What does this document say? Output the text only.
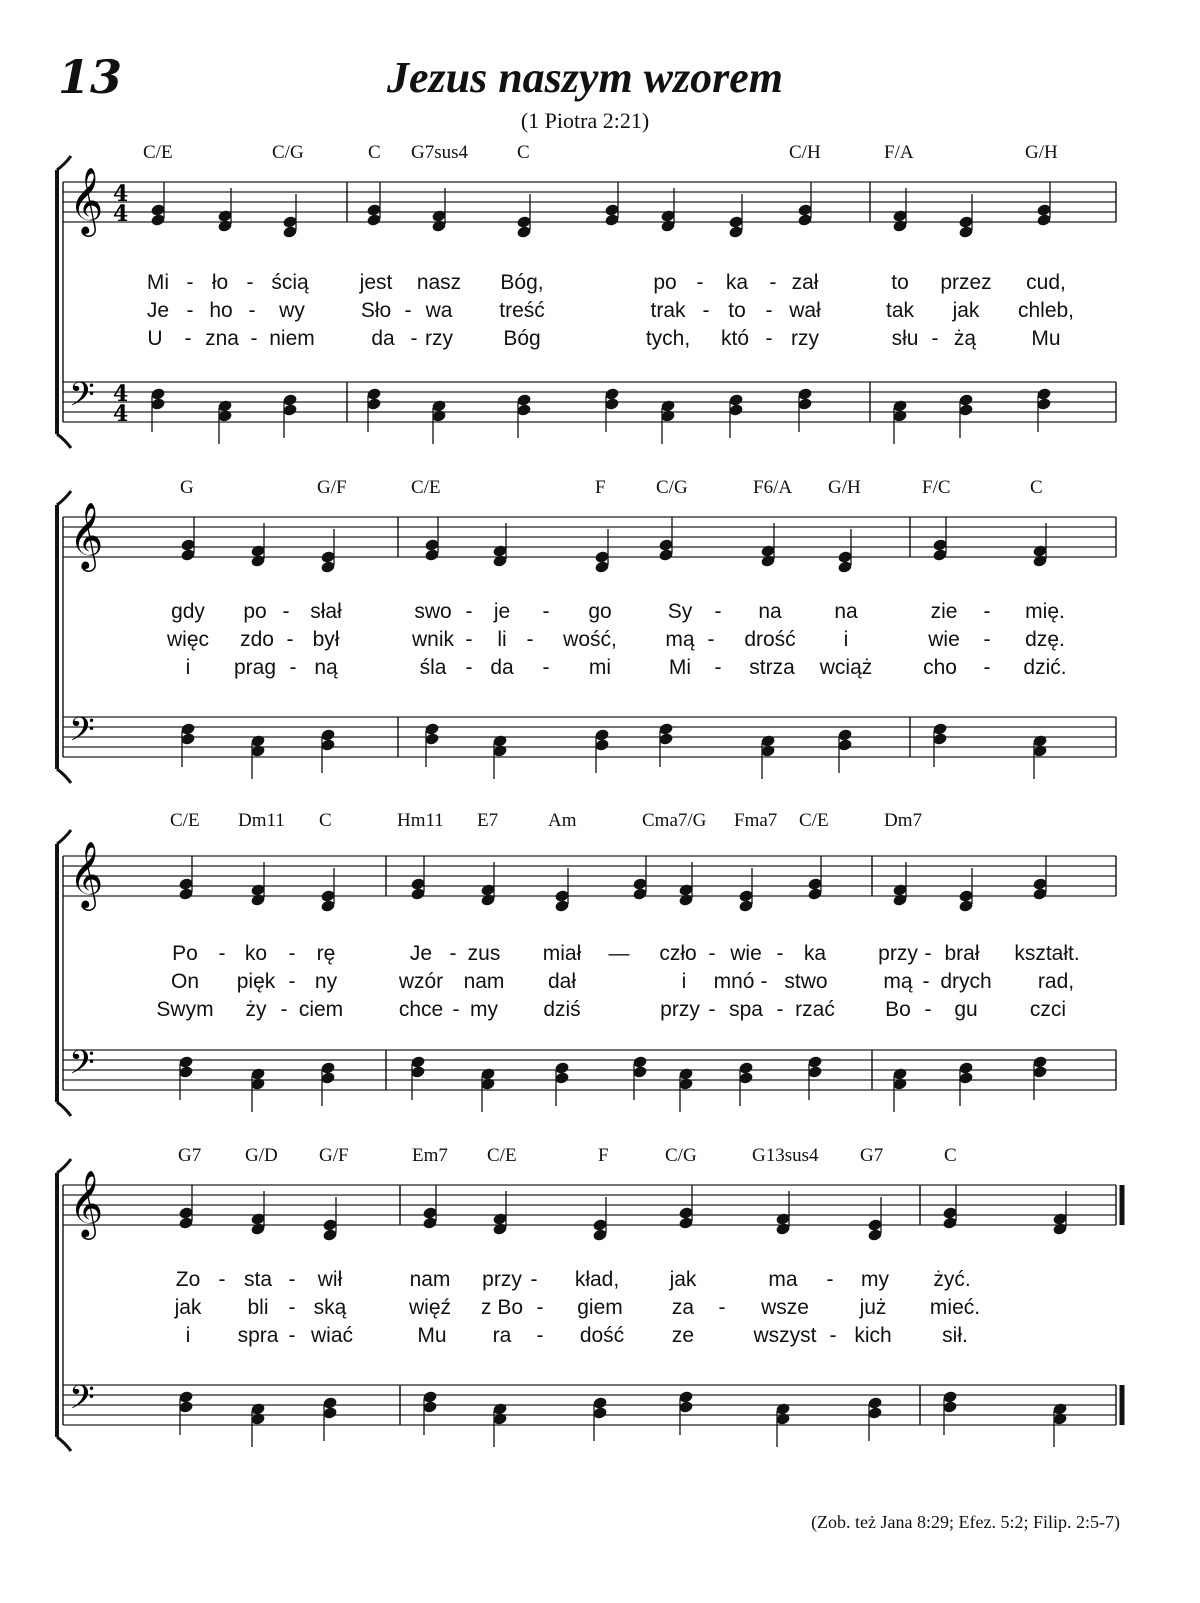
13	Jezus naszym wzorem
(1 Piotra 2:21)
𝄞
𝄢
4
4
4
4
C/E	C/G	C G7sus4	C	C/H	F/A	G/H
Mi - ło - ścią jest nasz Bóg,	po - ka - zał	to przez cud,
Je - ho - wy	Sło - wa treść	trak - to - wał	tak jak chleb,
U - zna - niem	da - rzy Bóg	tych, któ - rzy	słu - żą	Mu
𝄞
𝄢
G	G/F	C/E	F	C/G	F6/A G/H	F/C	C
gdy po - słał	swo - je - go	Sy - na	na	zie - mię.
więc zdo - był	wnik - li - wość, mą - drość i	wie - dzę.
i prag - ną	śla - da - mi	Mi - strza wciąż cho - dzić.
𝄞
𝄢
C/E Dm11 C	Hm11 E7	Am	Cma7/G Fma7 C/E	Dm7
Po - ko - rę	Je - zus miał — czło - wie - ka przy - brał kształt.
On pięk - ny	wzór nam dał	i mnó - stwo	mą - drych rad,
Swym ży - ciem	chce - my dziś	przy - spa - rzać Bo - gu czci
𝄞
𝄢
G7 G/D G/F	Em7 C/E	F	C/G	G13sus4 G7	C
Zo - sta - wił	nam przy - kład, jak	ma - my żyć.
jak bli - ską	więź z Bo - giem za - wsze już mieć.
i spra - wiać	Mu ra - dość ze	wszyst - kich sił.
(Zob. też Jana 8:29; Efez. 5:2; Filip. 2:5-7)
